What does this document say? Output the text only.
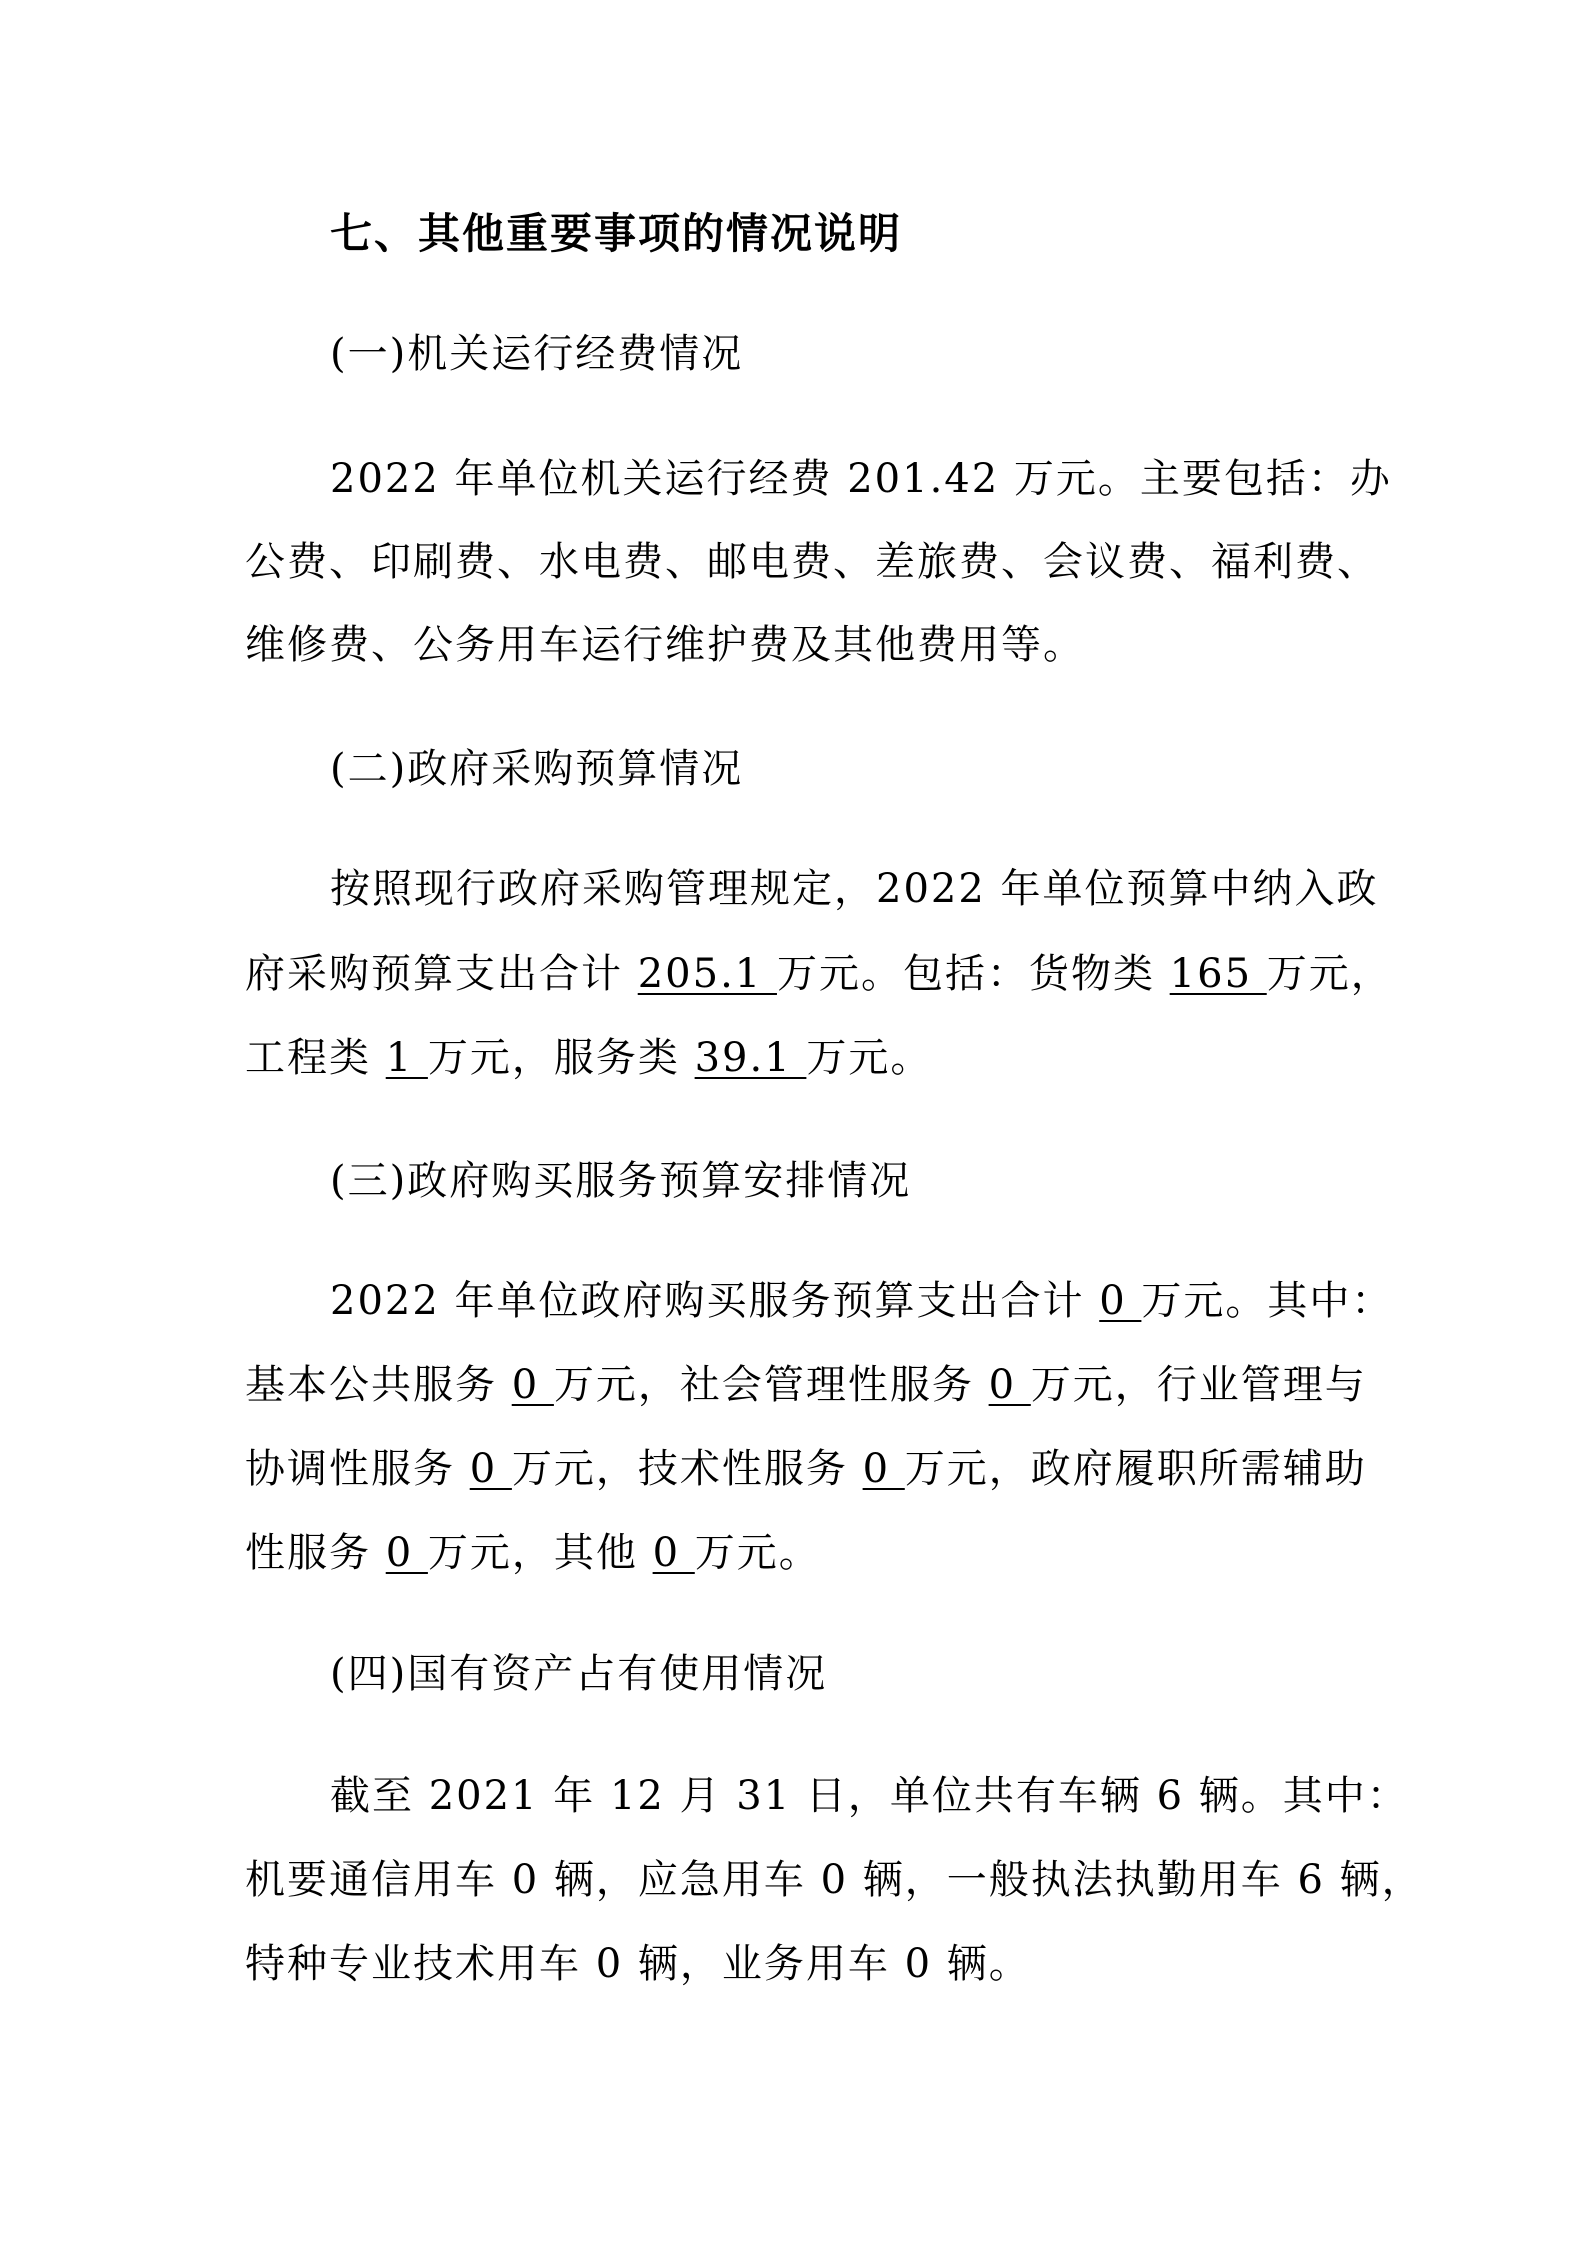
七、其他重要事项的情况说明
(一)机关运行经费情况
2022 年单位机关运行经费 201.42 万元。主要包括：办
公费、印刷费、水电费、邮电费、差旅费、会议费、福利费、
维修费、公务用车运行维护费及其他费用等。
(二)政府采购预算情况
按照现行政府采购管理规定，2022 年单位预算中纳入政
府采购预算支出合计 205.1 万元。包括：货物类 165 万元，
工程类 1 万元，服务类 39.1 万元。
(三)政府购买服务预算安排情况
2022 年单位政府购买服务预算支出合计 0 万元。其中：
基本公共服务 0 万元，社会管理性服务 0 万元，行业管理与
协调性服务 0 万元，技术性服务 0 万元，政府履职所需辅助
性服务 0 万元，其他 0 万元。
(四)国有资产占有使用情况
截至 2021 年 12 月 31 日，单位共有车辆 6 辆。其中：
机要通信用车 0 辆，应急用车 0 辆，一般执法执勤用车 6 辆，
特种专业技术用车 0 辆，业务用车 0 辆。
